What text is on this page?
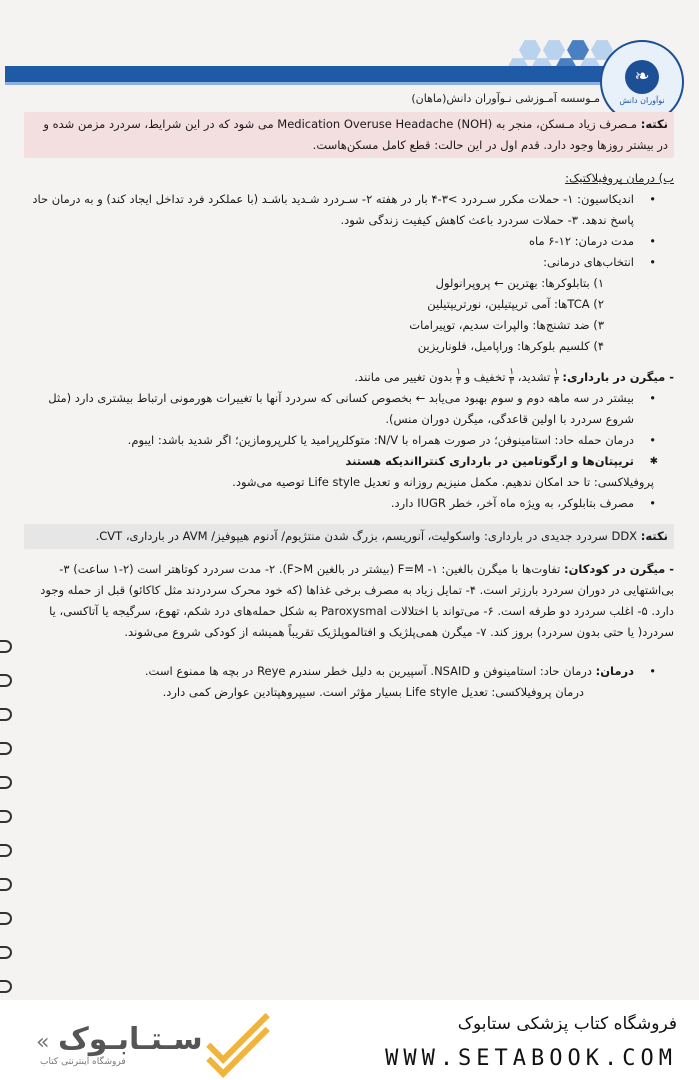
❧
نوآوران دانش
مـوسسه آمـوزشی نـوآوران دانش(ماهان)
نکته: مـصرف زیاد مـسکن، منجر به (NOH) Medication Overuse Headache می شود که در این شرایط، سردرد مزمن شده و در بیشتر روزها وجود دارد. قدم اول در این حالت: قطع کامل مسکن‌هاست.
ب) درمان پروفیلاکتیک:
• اندیکاسیون: ۱- حملات مکرر سـردرد >۳-۴ بار در هفته ۲- سـردرد شـدید باشـد (با عملکرد فرد تداخل ایجاد کند) و به درمان حاد پاسخ ندهد. ۳- حملات سردرد باعث کاهش کیفیت زندگی شود.
• مدت درمان: ۱۲-۶ ماه
• انتخاب‌های درمانی:
۱) بتابلوکرها: بهترین ← پروپرانولول
۲) TCAها: آمی تریپتیلین، نورتریپتیلین
۳) ضد تشنج‌ها: والپرات سدیم، توپیرامات
۴) کلسیم بلوکرها: وراپامیل، فلوناریزین
- میگرن در بارداری:
$\frac{۱}{۳}$
تشدید،
$\frac{۱}{۳}$
تخفیف و
$\frac{۱}{۳}$
بدون تغییر می مانند.
• بیشتر در سه ماهه دوم و سوم بهبود می‌یابد ← بخصوص کسانی که سردرد آنها با تغییرات هورمونی ارتباط بیشتری دارد (مثل شروع سردرد با اولین قاعدگی، میگرن دوران منس).
• درمان حمله حاد: استامینوفن؛ در صورت همراه با N/V: متوکلرپرامید یا کلرپرومازین؛ اگر شدید باشد: ایبوم.
✱ تریپتان‌ها و ارگوتامین در بارداری کنترااندیکه هستند
پروفیلاکسی: تا حد امکان ندهیم. مکمل منیزیم روزانه و تعدیل Life style توصیه می‌شود.
• مصرف بتابلوکر، به ویژه ماه آخر، خطر IUGR دارد.
نکته: DDX سردرد جدیدی در بارداری: واسکولیت، آنوریسم، بزرگ شدن منتژیوم/ آدنوم هیپوفیز/ AVM در بارداری، CVT.
- میگرن در کودکان: تفاوت‌ها با میگرن بالغین: ۱- F=M (بیشتر در بالغین F>M). ۲- مدت سردرد کوتاهتر است (۲-۱ ساعت) ۳- بی‌اشتهایی در دوران سردرد بارزتر است. ۴- تمایل زیاد به مصرف برخی غذاها (که خود محرک سردردند مثل کاکائو) قبل از حمله وجود دارد. ۵- اغلب سردرد دو طرفه است. ۶- می‌تواند با اختلالات Paroxysmal به شکل حمله‌های درد شکم، تهوع، سرگیجه یا آتاکسی، یا سردرد( یا حتی بدون سردرد) بروز کند. ۷- میگرن همی‌پلژیک و افتالموپلژیک تقریباً همیشه از کودکی شروع می‌شوند.
• درمان: درمان حاد: استامینوفن و NSAID. آسپیرین به دلیل خطر سندرم Reye در بچه ها ممنوع است.
درمان پروفیلاکسی: تعدیل Life style بسیار مؤثر است. سیپروهپتادین عوارض کمی دارد.
« سـتـابـوک
فروشگاه اینترنتی کتاب
فروشگاه کتاب پزشکی ستابوک
WWW.SETABOOK.COM
